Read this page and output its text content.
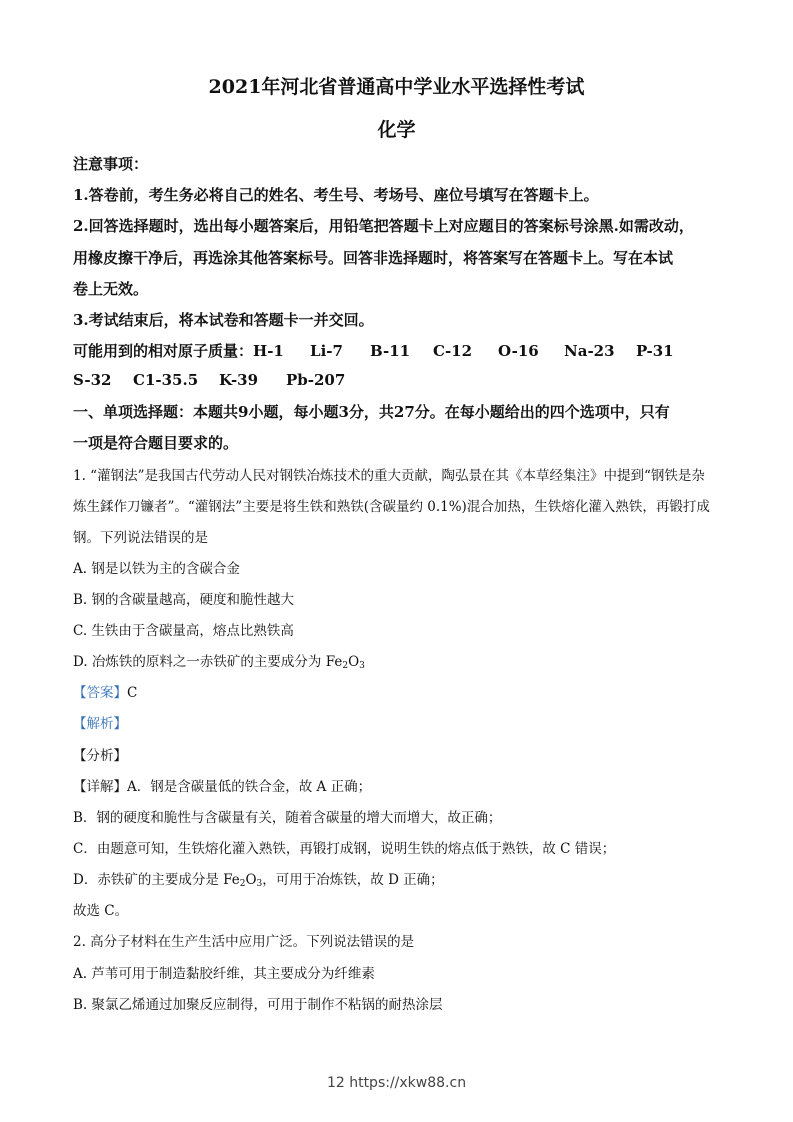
2021年河北省普通高中学业水平选择性考试
化学
注意事项：
1.答卷前，考生务必将自己的姓名、考生号、考场号、座位号填写在答题卡上。
2.回答选择题时，选出每小题答案后，用铅笔把答题卡上对应题目的答案标号涂黑.如需改动，
用橡皮擦干净后，再选涂其他答案标号。回答非选择题时，将答案写在答题卡上。写在本试
卷上无效。
3.考试结束后，将本试卷和答题卡一并交回。
可能用到的相对原子质量：H-1 Li-7 B-11 C-12 O-16 Na-23 P-31
S-32 C1-35.5 K-39 Pb-207
一、单项选择题：本题共9小题，每小题3分，共27分。在每小题给出的四个选项中，只有
一项是符合题目要求的。
1. “灌钢法”是我国古代劳动人民对钢铁冶炼技术的重大贡献，陶弘景在其《本草经集注》中提到“钢铁是杂
炼生鍒作刀镰者”。“灌钢法”主要是将生铁和熟铁(含碳量约 0.1%)混合加热，生铁熔化灌入熟铁，再锻打成
钢。下列说法错误的是
A. 钢是以铁为主的含碳合金
B. 钢的含碳量越高，硬度和脆性越大
C. 生铁由于含碳量高，熔点比熟铁高
D. 冶炼铁的原料之一赤铁矿的主要成分为 $Fe_2O_3$
【答案】C
【解析】
【分析】
【详解】A．钢是含碳量低的铁合金，故 A 正确；
B．钢的硬度和脆性与含碳量有关，随着含碳量的增大而增大，故正确；
C．由题意可知，生铁熔化灌入熟铁，再锻打成钢，说明生铁的熔点低于熟铁，故 C 错误；
D．赤铁矿的主要成分是 $Fe_2O_3$，可用于冶炼铁，故 D 正确；
故选 C。
2. 高分子材料在生产生活中应用广泛。下列说法错误的是
A. 芦苇可用于制造黏胶纤维，其主要成分为纤维素
B. 聚氯乙烯通过加聚反应制得，可用于制作不粘锅的耐热涂层
12 https://xkw88.cn
